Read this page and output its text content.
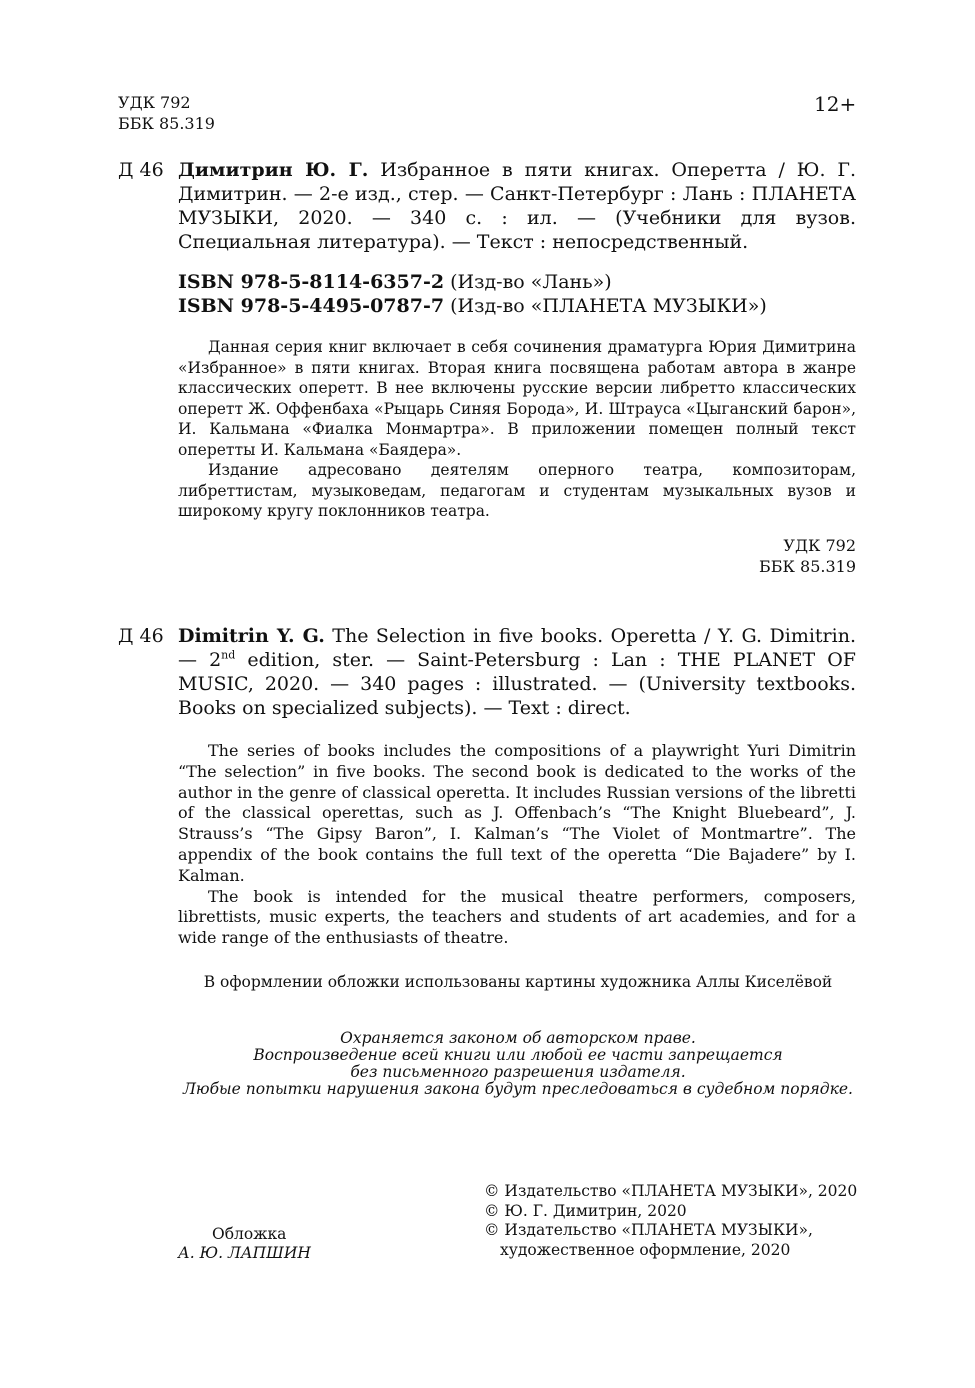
УДК 792
ББК 85.319
12+
Д 46 Димитрин Ю. Г. Избранное в пяти книгах. Оперетта / Ю. Г. Димитрин. — 2-е изд., стер. — Санкт-Петербург : Лань : ПЛАНЕТА МУЗЫКИ, 2020. — 340 с. : ил. — (Учебники для вузов. Специальная литература). — Текст : непосредственный.
ISBN 978-5-8114-6357-2 (Изд-во «Лань»)
ISBN 978-5-4495-0787-7 (Изд-во «ПЛАНЕТА МУЗЫКИ»)

Данная серия книг включает в себя сочинения драматурга Юрия Димитрина «Избранное» в пяти книгах. Вторая книга посвящена работам автора в жанре классических оперетт. В нее включены русские версии либретто классических оперетт Ж. Оффенбаха «Рыцарь Синяя Борода», И. Штрауса «Цыганский барон», И. Кальмана «Фиалка Монмартра». В приложении помещен полный текст оперетты И. Кальмана «Баядера».

Издание адресовано деятелям оперного театра, композиторам, либреттистам, музыковедам, педагогам и студентам музыкальных вузов и широкому кругу поклонников театра.

УДК 792
ББК 85.319
Д 46 Dimitrin Y. G. The Selection in five books. Operetta / Y. G. Dimitrin. — 2nd edition, ster. — Saint-Petersburg : Lan : THE PLANET OF MUSIC, 2020. — 340 pages : illustrated. — (University textbooks. Books on specialized subjects). — Text : direct.

The series of books includes the compositions of a playwright Yuri Dimitrin “The selection” in five books. The second book is dedicated to the works of the author in the genre of classical operetta. It includes Russian versions of the libretti of the classical operettas, such as J. Offenbach’s “The Knight Bluebeard”, J. Strauss’s “The Gipsy Baron”, I. Kalman’s “The Violet of Montmartre”. The appendix of the book contains the full text of the operetta “Die Bajadere” by I. Kalman.

The book is intended for the musical theatre performers, composers, librettists, music experts, the teachers and students of art academies, and for a wide range of the enthusiasts of theatre.

В оформлении обложки использованы картины художника Аллы Киселёвой
Охраняется законом об авторском праве.
Воспроизведение всей книги или любой ее части запрещается
без письменного разрешения издателя.
Любые попытки нарушения закона будут преследоваться в судебном порядке.
Обложка
А. Ю. ЛАПШИН
© Издательство «ПЛАНЕТА МУЗЫКИ», 2020
© Ю. Г. Димитрин, 2020
© Издательство «ПЛАНЕТА МУЗЫКИ»,
художественное оформление, 2020
